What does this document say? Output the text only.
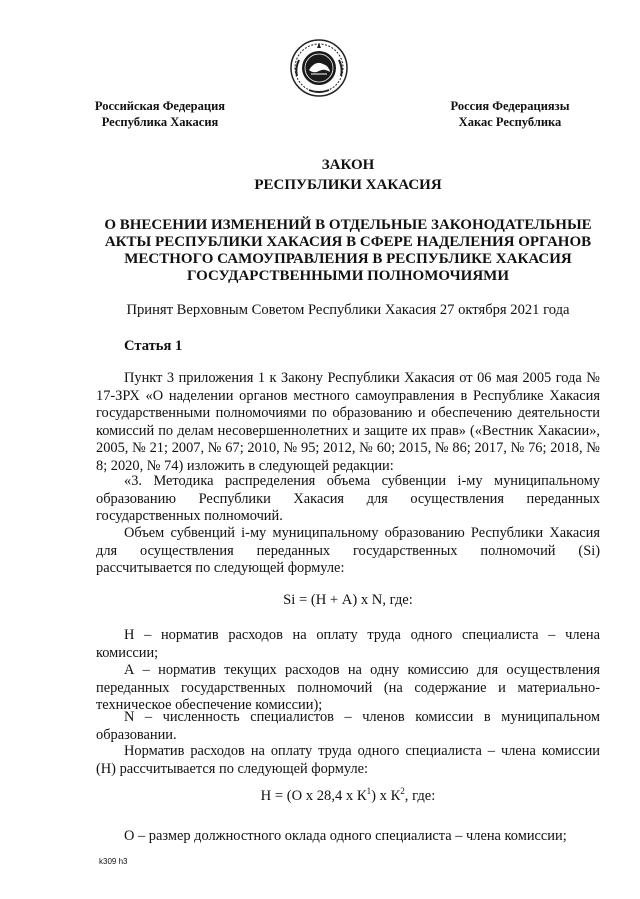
Российская Федерация
Республика Хакасия
Россия Федерациязы
Хакас Республика
ЗАКОН
РЕСПУБЛИКИ ХАКАСИЯ
О ВНЕСЕНИИ ИЗМЕНЕНИЙ В ОТДЕЛЬНЫЕ ЗАКОНОДАТЕЛЬНЫЕ АКТЫ РЕСПУБЛИКИ ХАКАСИЯ В СФЕРЕ НАДЕЛЕНИЯ ОРГАНОВ МЕСТНОГО САМОУПРАВЛЕНИЯ В РЕСПУБЛИКЕ ХАКАСИЯ ГОСУДАРСТВЕННЫМИ ПОЛНОМОЧИЯМИ
Принят Верховным Советом Республики Хакасия 27 октября 2021 года
Статья 1
Пункт 3 приложения 1 к Закону Республики Хакасия от 06 мая 2005 года № 17-ЗРХ «О наделении органов местного самоуправления в Республике Хакасия государственными полномочиями по образованию и обеспечению деятельности комиссий по делам несовершеннолетних и защите их прав» («Вестник Хакасии», 2005, № 21; 2007, № 67; 2010, № 95; 2012, № 60; 2015, № 86; 2017, № 76; 2018, № 8; 2020, № 74) изложить в следующей редакции:
«3. Методика распределения объема субвенции i-му муниципальному образованию Республики Хакасия для осуществления переданных государственных полномочий.
Объем субвенций i-му муниципальному образованию Республики Хакасия для осуществления переданных государственных полномочий (Si) рассчитывается по следующей формуле:
Si = (Н + А) х N, где:
Н – норматив расходов на оплату труда одного специалиста – члена комиссии;
А – норматив текущих расходов на одну комиссию для осуществления переданных государственных полномочий (на содержание и материально-техническое обеспечение комиссии);
N – численность специалистов – членов комиссии в муниципальном образовании.
Норматив расходов на оплату труда одного специалиста – члена комиссии (Н) рассчитывается по следующей формуле:
Н = (О х 28,4 х $К^1$) х $К^2$, где:
О – размер должностного оклада одного специалиста – члена комиссии;
k309 h3
